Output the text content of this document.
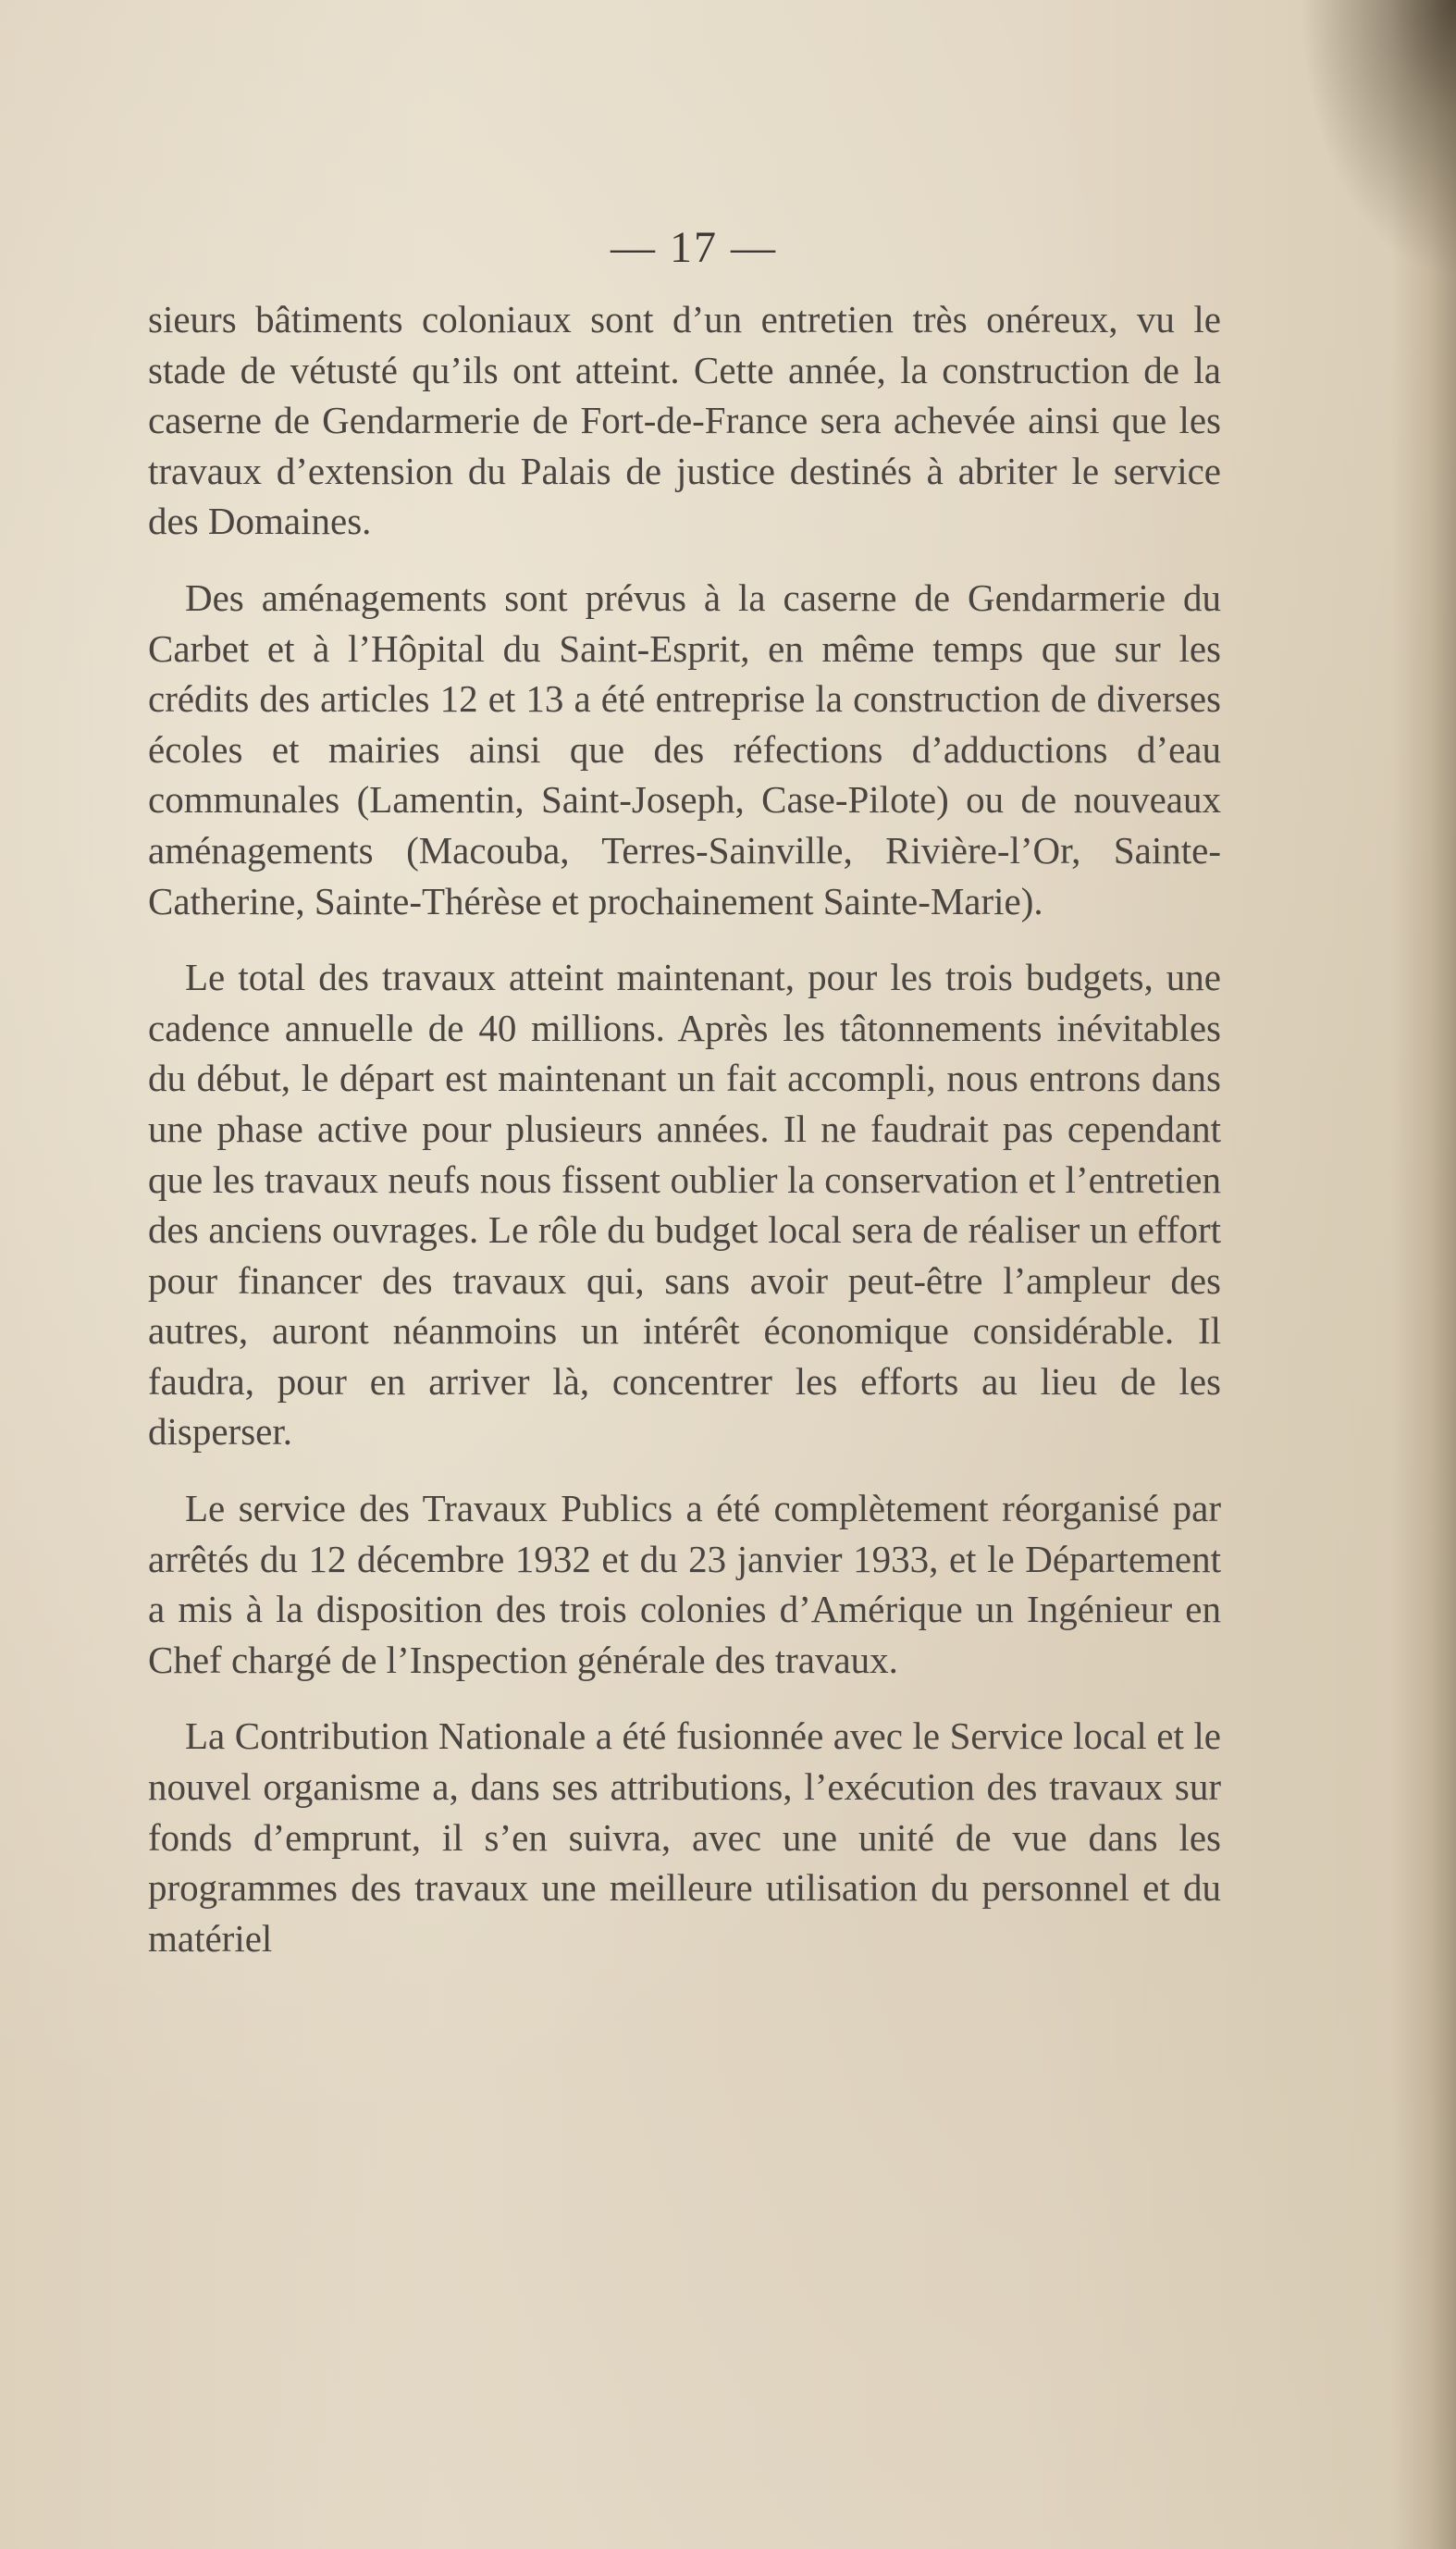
— 17 —

sieurs bâtiments coloniaux sont d’un entretien très onéreux, vu le stade de vétusté qu’ils ont atteint. Cette année, la construction de la caserne de Gendarmerie de Fort-de-France sera achevée ainsi que les travaux d’extension du Palais de justice destinés à abriter le service des Domaines.

Des aménagements sont prévus à la caserne de Gendarmerie du Carbet et à l’Hôpital du Saint-Esprit, en même temps que sur les crédits des articles 12 et 13 a été entreprise la construction de diverses écoles et mairies ainsi que des réfections d’adductions d’eau communales (Lamentin, Saint-Joseph, Case-Pilote) ou de nouveaux aménagements (Macouba, Terres-Sainville, Rivière-l’Or, Sainte-Catherine, Sainte-Thérèse et prochainement Sainte-Marie).

Le total des travaux atteint maintenant, pour les trois budgets, une cadence annuelle de 40 millions. Après les tâtonnements inévitables du début, le départ est maintenant un fait accompli, nous entrons dans une phase active pour plusieurs années. Il ne faudrait pas cependant que les travaux neufs nous fissent oublier la conservation et l’entretien des anciens ouvrages. Le rôle du budget local sera de réaliser un effort pour financer des travaux qui, sans avoir peut-être l’ampleur des autres, auront néanmoins un intérêt économique considérable. Il faudra, pour en arriver là, concentrer les efforts au lieu de les disperser.

Le service des Travaux Publics a été complètement réorganisé par arrêtés du 12 décembre 1932 et du 23 janvier 1933, et le Département a mis à la disposition des trois colonies d’Amérique un Ingénieur en Chef chargé de l’Inspection générale des travaux.

La Contribution Nationale a été fusionnée avec le Service local et le nouvel organisme a, dans ses attributions, l’exécution des travaux sur fonds d’emprunt, il s’en suivra, avec une unité de vue dans les programmes des travaux une meilleure utilisation du personnel et du matériel
